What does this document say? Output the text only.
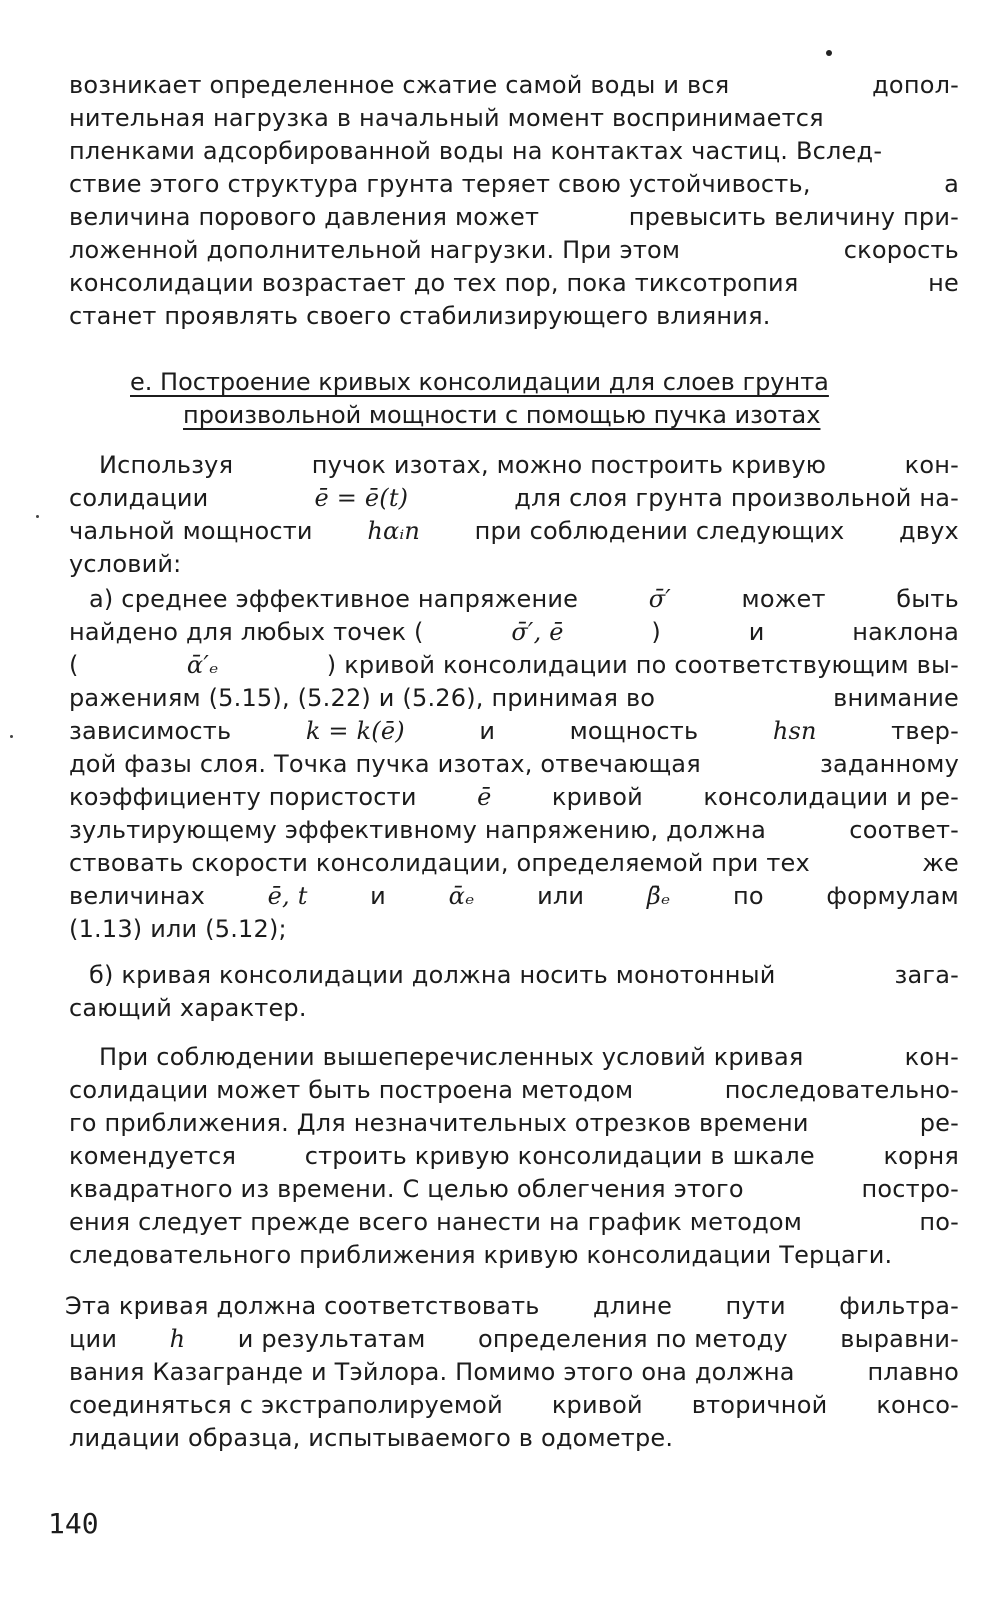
возникает определенное сжатие самой воды и вся	допол-
нительная нагрузка в начальный момент воспринимается
пленками адсорбированной воды на контактах частиц. Вслед-
ствие этого структура грунта теряет свою устойчивость,	а
величина порового давления может	превысить величину при-
ложенной дополнительной нагрузки. При этом	скорость
консолидации возрастает до тех пор, пока тиксотропия	не
станет проявлять своего стабилизирующего влияния.
е. Построение кривых консолидации для слоев грунта
произвольной мощности с помощью пучка изотах
Используя	пучок изотах, можно построить кривую	кон-
солидации	ē = ē(t)	для слоя грунта произвольной на-
чальной мощности hαᵢn при соблюдении следующих двух
условий:
а) среднее эффективное напряжение	σ̄′	может	быть
найдено для любых точек (	σ̄′, ē	)	и	наклона
(	ᾱ′ₑ	) кривой консолидации по соответствующим вы-
ражениям (5.15), (5.22) и (5.26), принимая во	внимание
зависимость	k = k(ē)	и	мощность	hsn	твер-
дой фазы слоя. Точка пучка изотах, отвечающая	заданному
коэффициенту пористости	ē	кривой	консолидации и ре-
зультирующему эффективному напряжению, должна	соответ-
ствовать скорости консолидации, определяемой при тех	же
величинах	ē, t	и	ᾱₑ	или	β̄ₑ	по	формулам
(1.13) или (5.12);
б) кривая консолидации должна носить монотонный	зага-
сающий характер.
При соблюдении вышеперечисленных условий кривая	кон-
солидации может быть построена методом	последовательно-
го приближения. Для незначительных отрезков времени	ре-
комендуется	строить кривую консолидации в шкале	корня
квадратного из времени. С целью облегчения этого	постро-
ения следует прежде всего нанести на график методом	по-
следовательного приближения кривую консолидации Терцаги.
Эта кривая должна соответствовать длине пути фильтра-
ции h и результатам определения по методу выравни-
вания Казагранде и Тэйлора. Помимо этого она должна	плавно
соединяться с экстраполируемой кривой вторичной консо-
лидации образца, испытываемого в одометре.
140
